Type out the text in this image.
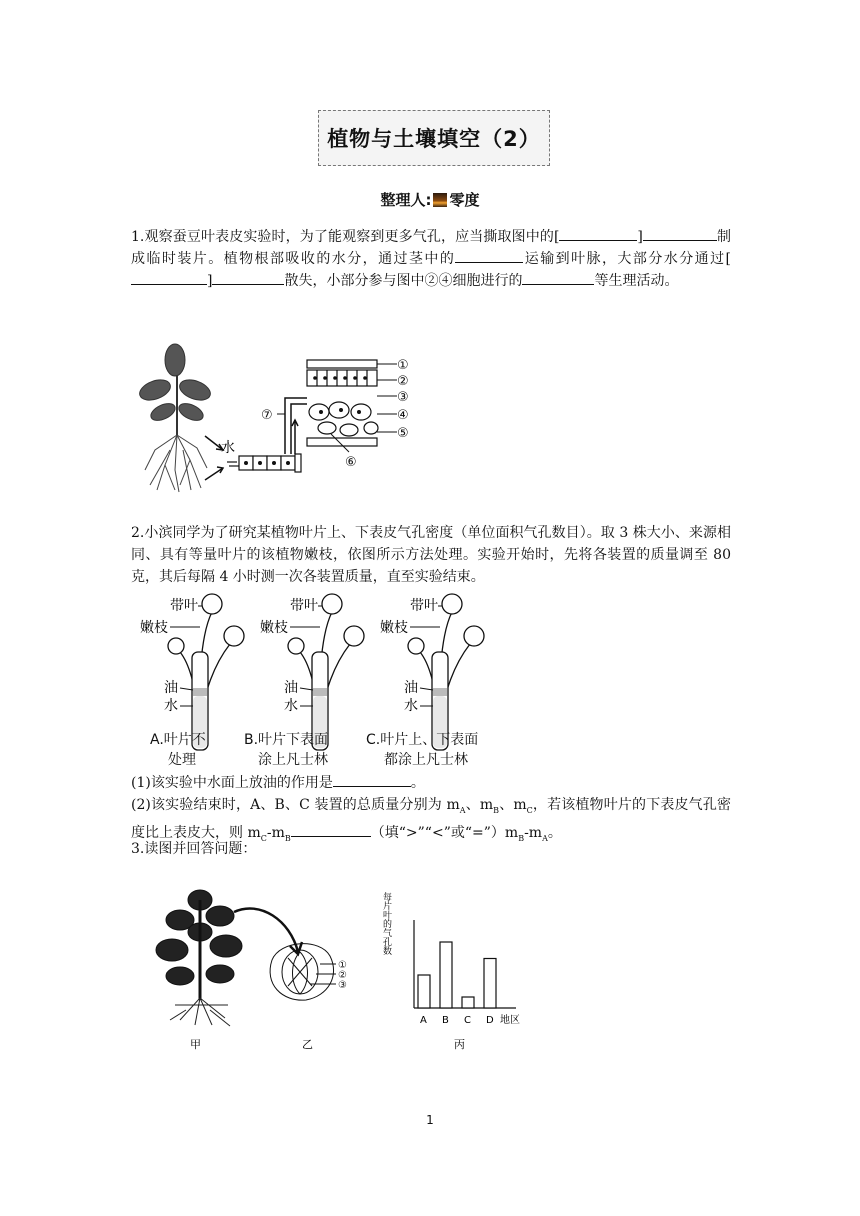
植物与土壤填空（2）
整理人: 零度
1.观察蚕豆叶表皮实验时，为了能观察到更多气孔，应当撕取图中的[	]	制成临时装片。植物根部吸收的水分，通过茎中的	运输到叶脉，大部分水分通过[]	散失，小部分参与图中②④细胞进行的	等生理活动。
水
①
②
③
④
⑤
⑥
⑦
2.小滨同学为了研究某植物叶片上、下表皮气孔密度（单位面积气孔数目）。取 3 株大小、来源相同、具有等量叶片的该植物嫩枝，依图所示方法处理。实验开始时，先将各装置的质量调至 80 克，其后每隔 4 小时测一次各装置质量，直至实验结束。
带叶
嫩枝
油
水
带叶
嫩枝
油
水
带叶
嫩枝
油
水
A.叶片不
处理
B.叶片下表面
涂上凡士林
C.叶片上、下表面
都涂上凡士林
(1)该实验中水面上放油的作用是	。
(2)该实验结束时，A、B、C 装置的总质量分别为 $m_A$、$m_B$、$m_C$，若该植物叶片的下表皮气孔密度比上表皮大，则 $m_C-m_B$	（填“>”“<”或“$=”)m_B-m_A$。
3.读图并回答问题：
甲
①
②
③
乙
每片叶的气孔数
A B C D 地区
丙
1
